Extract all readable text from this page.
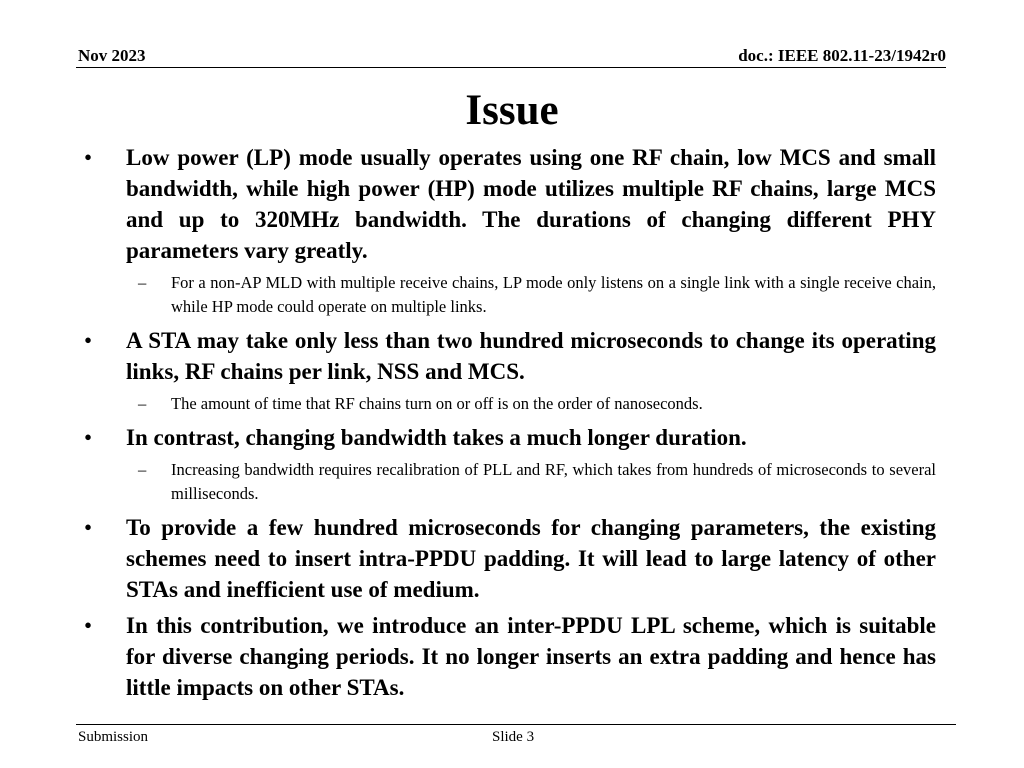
Nov 2023	doc.: IEEE 802.11-23/1942r0
Issue
• Low power (LP) mode usually operates using one RF chain, low MCS and small bandwidth, while high power (HP) mode utilizes multiple RF chains, large MCS and up to 320MHz bandwidth. The durations of changing different PHY parameters vary greatly.
– For a non-AP MLD with multiple receive chains, LP mode only listens on a single link with a single receive chain, while HP mode could operate on multiple links.
• A STA may take only less than two hundred microseconds to change its operating links, RF chains per link, NSS and MCS.
– The amount of time that RF chains turn on or off is on the order of nanoseconds.
• In contrast, changing bandwidth takes a much longer duration.
– Increasing bandwidth requires recalibration of PLL and RF, which takes from hundreds of microseconds to several milliseconds.
• To provide a few hundred microseconds for changing parameters, the existing schemes need to insert intra-PPDU padding. It will lead to large latency of other STAs and inefficient use of medium.
• In this contribution, we introduce an inter-PPDU LPL scheme, which is suitable for diverse changing periods. It no longer inserts an extra padding and hence has little impacts on other STAs.
Submission	Slide 3
